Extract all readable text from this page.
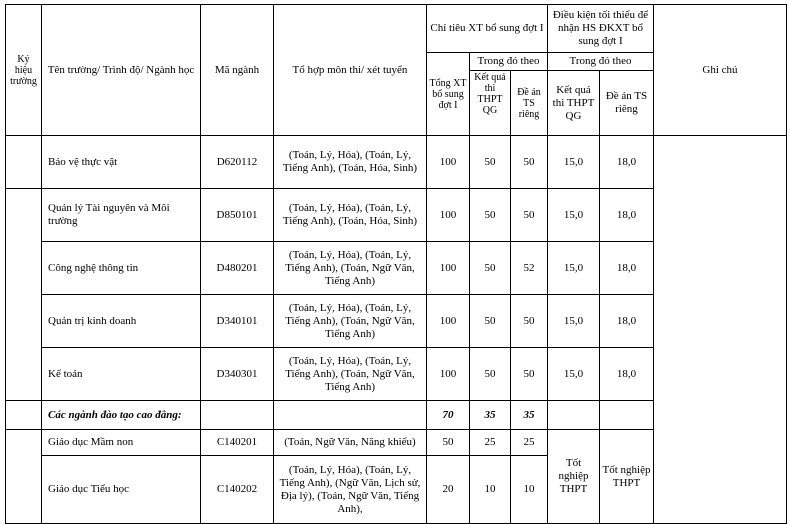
Ký hiệu trường	Tên trường/ Trình độ/ Ngành học	Mã ngành	Tổ hợp môn thi/ xét tuyển	Chỉ tiêu XT bổ sung đợt I			Điều kiện tối thiểu để nhận HS ĐKXT bổ sung đợt I		Ghi chú
				Tổng XT bổ sung đợt I	Trong đó theo		Trong đó theo		
					Kết quả thi THPT QG	Đề án TS riêng	Kết quả thi THPT QG	Đề án TS riêng	
	Bảo vệ thực vật	D620112	(Toán, Lý, Hóa), (Toán, Lý, Tiếng Anh), (Toán, Hóa, Sinh)	100	50	50	15,0	18,0	
	Quản lý Tài nguyên và Môi trường	D850101	(Toán, Lý, Hóa), (Toán, Lý, Tiếng Anh), (Toán, Hóa, Sinh)	100	50	50	15,0	18,0	
	Công nghệ thông tin	D480201	(Toán, Lý, Hóa), (Toán, Lý, Tiếng Anh), (Toán, Ngữ Văn, Tiếng Anh)	100	50	52	15,0	18,0	
	Quản trị kinh doanh	D340101	(Toán, Lý, Hóa), (Toán, Lý, Tiếng Anh), (Toán, Ngữ Văn, Tiếng Anh)	100	50	50	15,0	18,0	
	Kế toán	D340301	(Toán, Lý, Hóa), (Toán, Lý, Tiếng Anh), (Toán, Ngữ Văn, Tiếng Anh)	100	50	50	15,0	18,0	
	Các ngành đào tạo cao đẳng:			70	35	35			
	Giáo dục Mầm non	C140201	(Toán, Ngữ Văn, Năng khiếu)	50	25	25	Tốt nghiệp THPT	Tốt nghiệp THPT	
	Giáo dục Tiểu học	C140202	(Toán, Lý, Hóa), (Toán, Lý, Tiếng Anh), (Ngữ Văn, Lịch sử, Địa lý), (Toán, Ngữ Văn, Tiếng Anh),	20	10	10			
